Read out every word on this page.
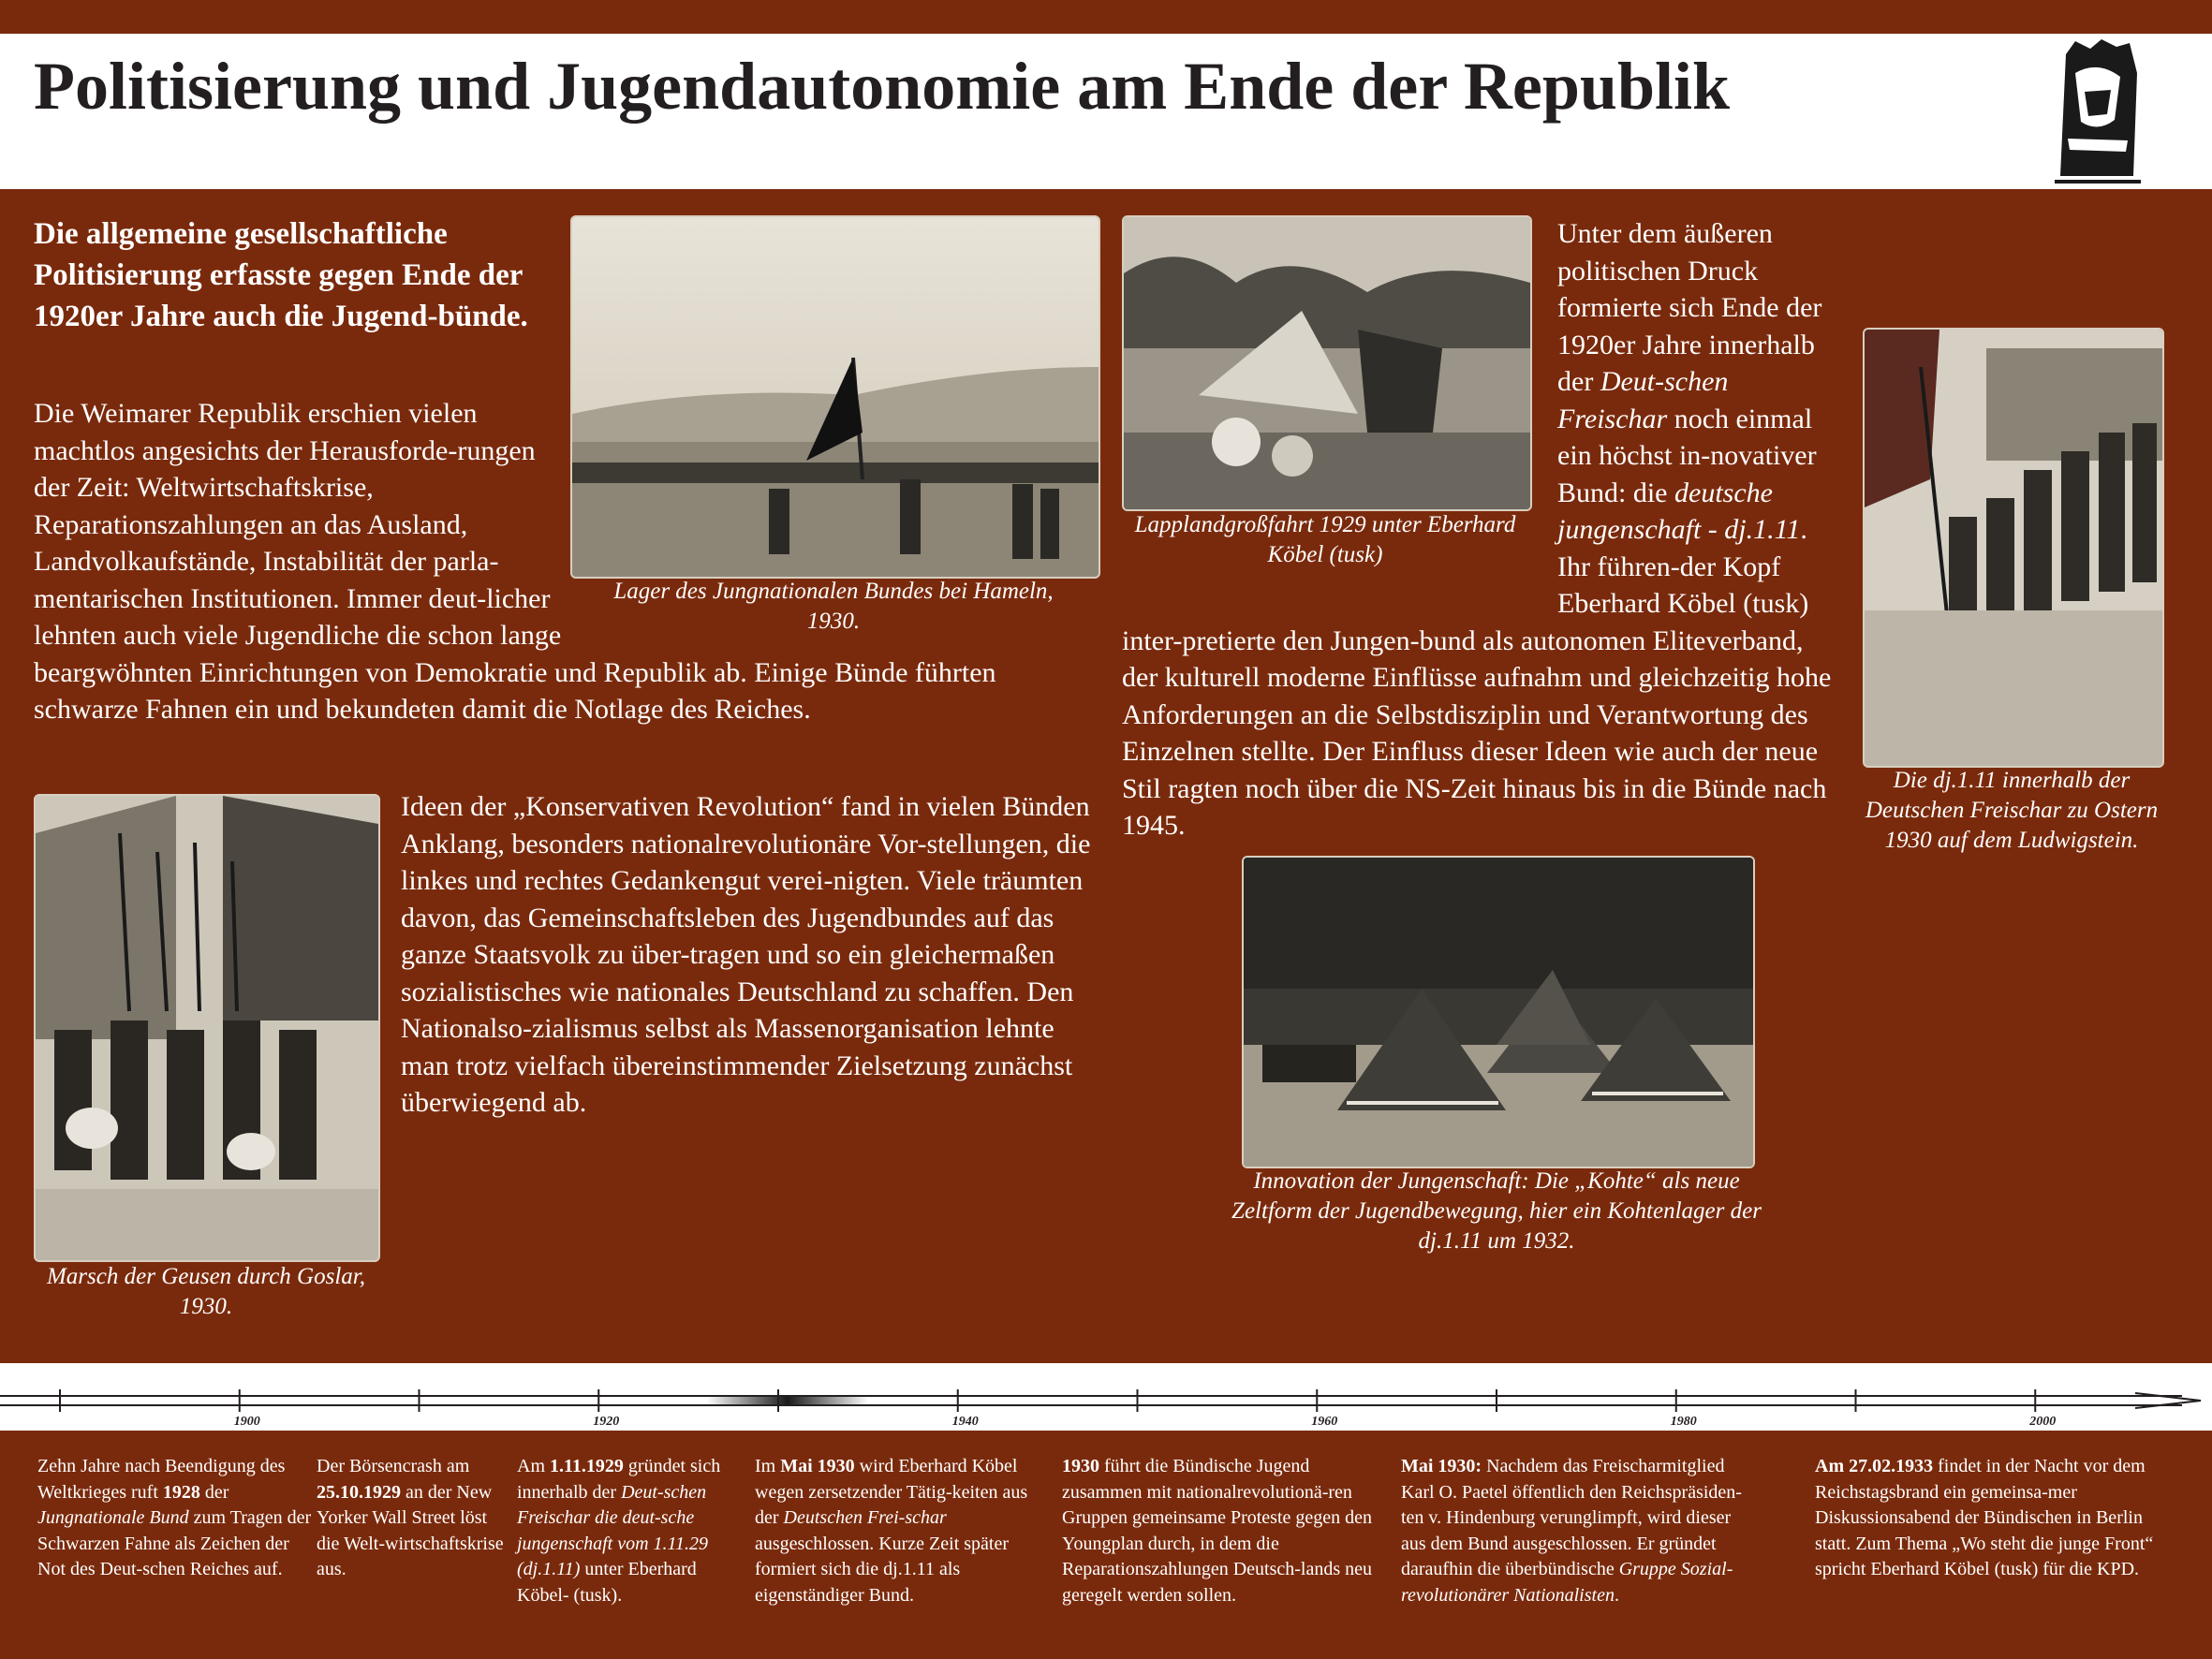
Politisierung und Jugendautonomie am Ende der Republik

Die allgemeine gesellschaftliche Politisierung erfasste gegen Ende der 1920er Jahre auch die Jugend-bünde.

Die Weimarer Republik erschien vielen machtlos angesichts der Herausforde-rungen der Zeit: Weltwirtschaftskrise, Reparationszahlungen an das Ausland, Landvolkaufstände, Instabilität der parla-mentarischen Institutionen. Immer deut-licher lehnten auch viele Jugendliche die schon lange beargwöhnten Einrichtungen von Demokratie und Republik ab. Einige Bünde führten schwarze Fahnen ein und bekundeten damit die Notlage des Reiches.

Lager des Jungnationalen Bundes bei Hameln, 1930.

Lapplandgroßfahrt 1929 unter Eberhard Köbel (tusk)

Unter dem äußeren politischen Druck formierte sich Ende der 1920er Jahre innerhalb der Deut-schen Freischar noch einmal ein höchst in-novativer Bund: die deutsche jungenschaft - dj.1.11. Ihr führen-der Kopf Eberhard Köbel (tusk) inter-pretierte den Jungen-bund als autonomen Eliteverband, der kulturell moderne Einflüsse aufnahm und gleichzeitig hohe Anforderungen an die Selbstdisziplin und Verantwortung des Einzelnen stellte. Der Einfluss dieser Ideen wie auch der neue Stil ragten noch über die NS-Zeit hinaus bis in die Bünde nach 1945.

Die dj.1.11 innerhalb der Deutschen Freischar zu Ostern 1930 auf dem Ludwigstein.

Marsch der Geusen durch Goslar, 1930.

Ideen der „Konservativen Revolution“ fand in vielen Bünden Anklang, besonders nationalrevolutionäre Vor-stellungen, die linkes und rechtes Gedankengut verei-nigten. Viele träumten davon, das Gemeinschaftsleben des Jugendbundes auf das ganze Staatsvolk zu über-tragen und so ein gleichermaßen sozialistisches wie nationales Deutschland zu schaffen. Den Nationalso-zialismus selbst als Massenorganisation lehnte man trotz vielfach übereinstimmender Zielsetzung zunächst überwiegend ab.

Innovation der Jungenschaft: Die „Kohte“ als neue Zeltform der Jugendbewegung, hier ein Kohtenlager der dj.1.11 um 1932.

1900	1920	1940	1960	1980	2000

Zehn Jahre nach Beendigung des Weltkrieges ruft 1928 der Jungnationale Bund zum Tragen der Schwarzen Fahne als Zeichen der Not des Deut-schen Reiches auf.

Der Börsencrash am 25.10.1929 an der New Yorker Wall Street löst die Welt-wirtschaftskrise aus.

Am 1.11.1929 gründet sich innerhalb der Deut-schen Freischar die deut-sche jungenschaft vom 1.11.29 (dj.1.11) unter Eberhard Köbel- (tusk).

Im Mai 1930 wird Eberhard Köbel wegen zersetzender Tätig-keiten aus der Deutschen Frei-schar ausgeschlossen. Kurze Zeit später formiert sich die dj.1.11 als eigenständiger Bund.

1930 führt die Bündische Jugend zusammen mit nationalrevolutionä-ren Gruppen gemeinsame Proteste gegen den Youngplan durch, in dem die Reparationszahlungen Deutsch-lands neu geregelt werden sollen.

Mai 1930: Nachdem das Freischarmitglied Karl O. Paetel öffentlich den Reichspräsiden-ten v. Hindenburg verunglimpft, wird dieser aus dem Bund ausgeschlossen. Er gründet daraufhin die überbündische Gruppe Sozial-revolutionärer Nationalisten.

Am 27.02.1933 findet in der Nacht vor dem Reichstagsbrand ein gemeinsa-mer Diskussionsabend der Bündischen in Berlin statt. Zum Thema „Wo steht die junge Front“ spricht Eberhard Köbel (tusk) für die KPD.
